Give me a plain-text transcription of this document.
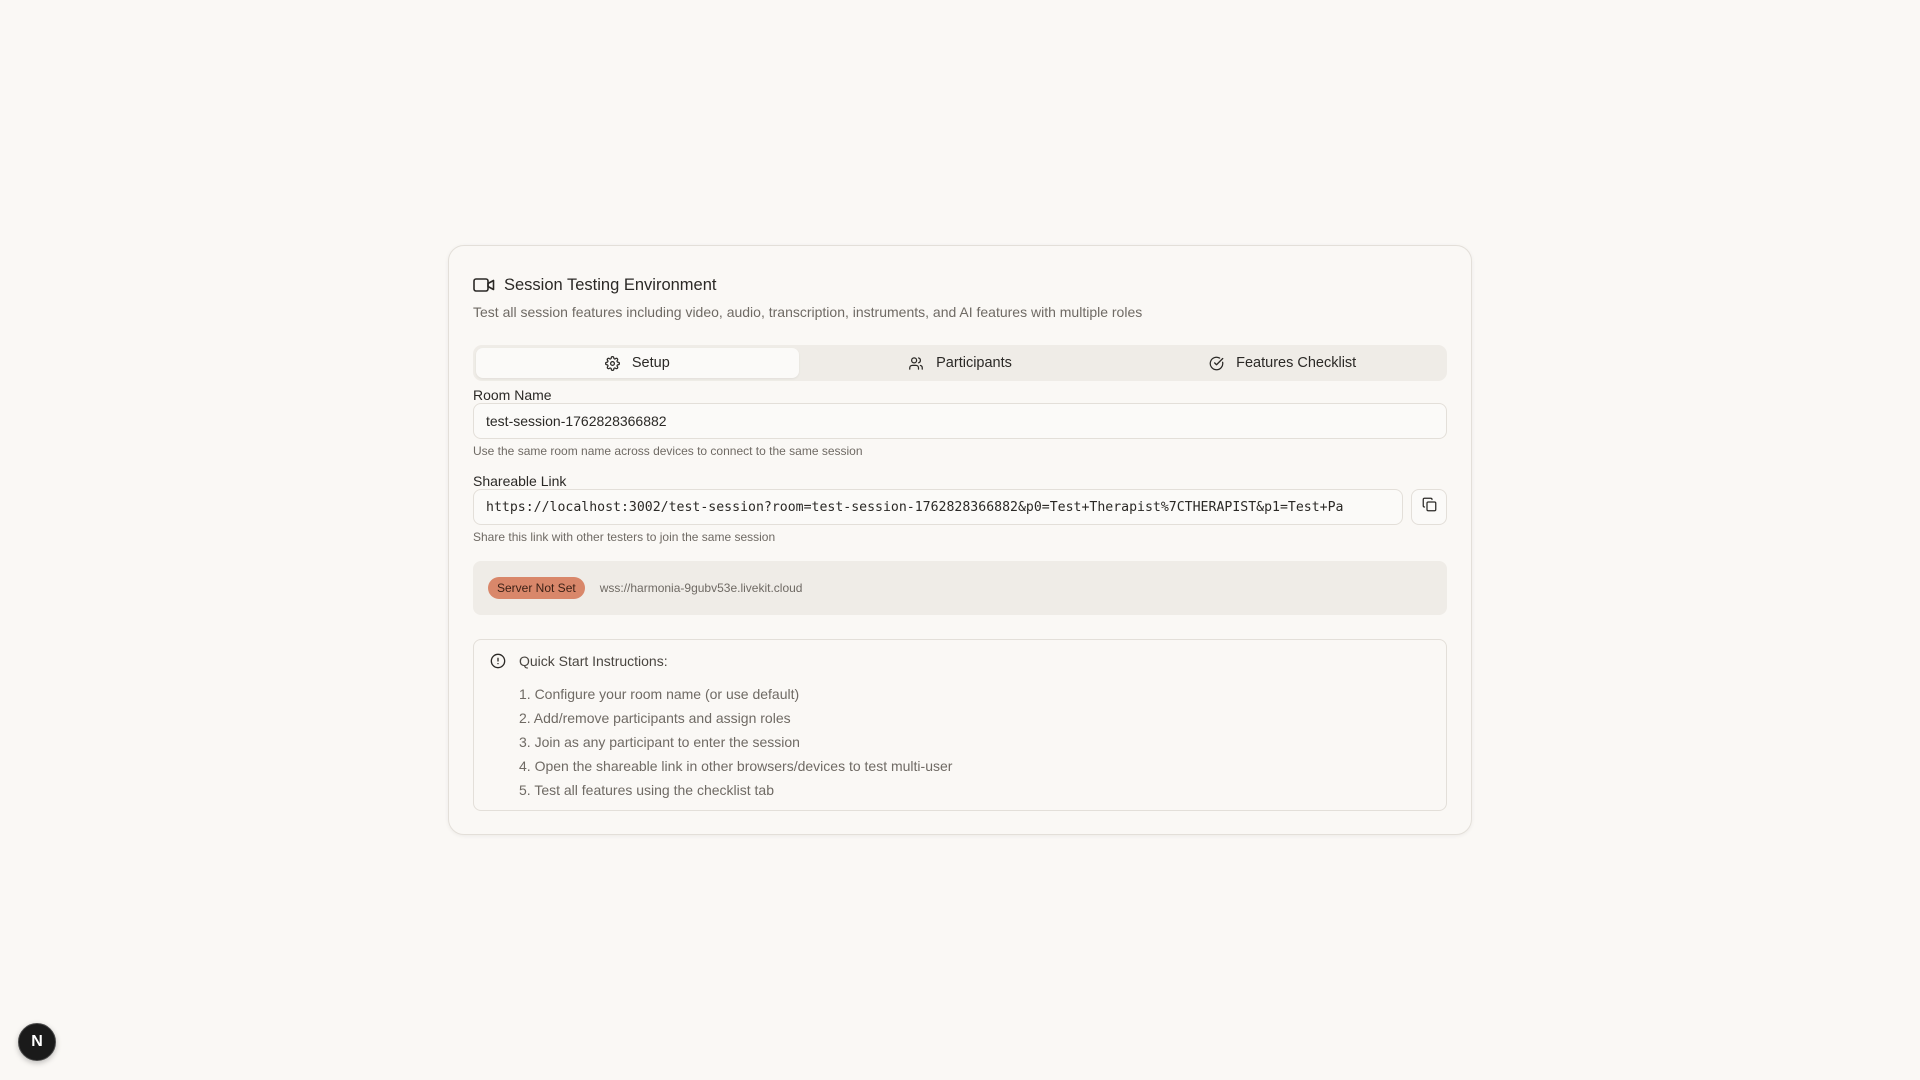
Session Testing Environment
Test all session features including video, audio, transcription, instruments, and AI features with multiple roles
Setup	Participants	Features Checklist
Room Name
test-session-1762828366882
Use the same room name across devices to connect to the same session
Shareable Link
https://localhost:3002/test-session?room=test-session-1762828366882&p0=Test+Therapist%7CTHERAPIST&p1=Test+Pa
Share this link with other testers to join the same session
Server Not Set	wss://harmonia-9gubv53e.livekit.cloud
Quick Start Instructions:
1. Configure your room name (or use default)
2. Add/remove participants and assign roles
3. Join as any participant to enter the session
4. Open the shareable link in other browsers/devices to test multi-user
5. Test all features using the checklist tab
N
